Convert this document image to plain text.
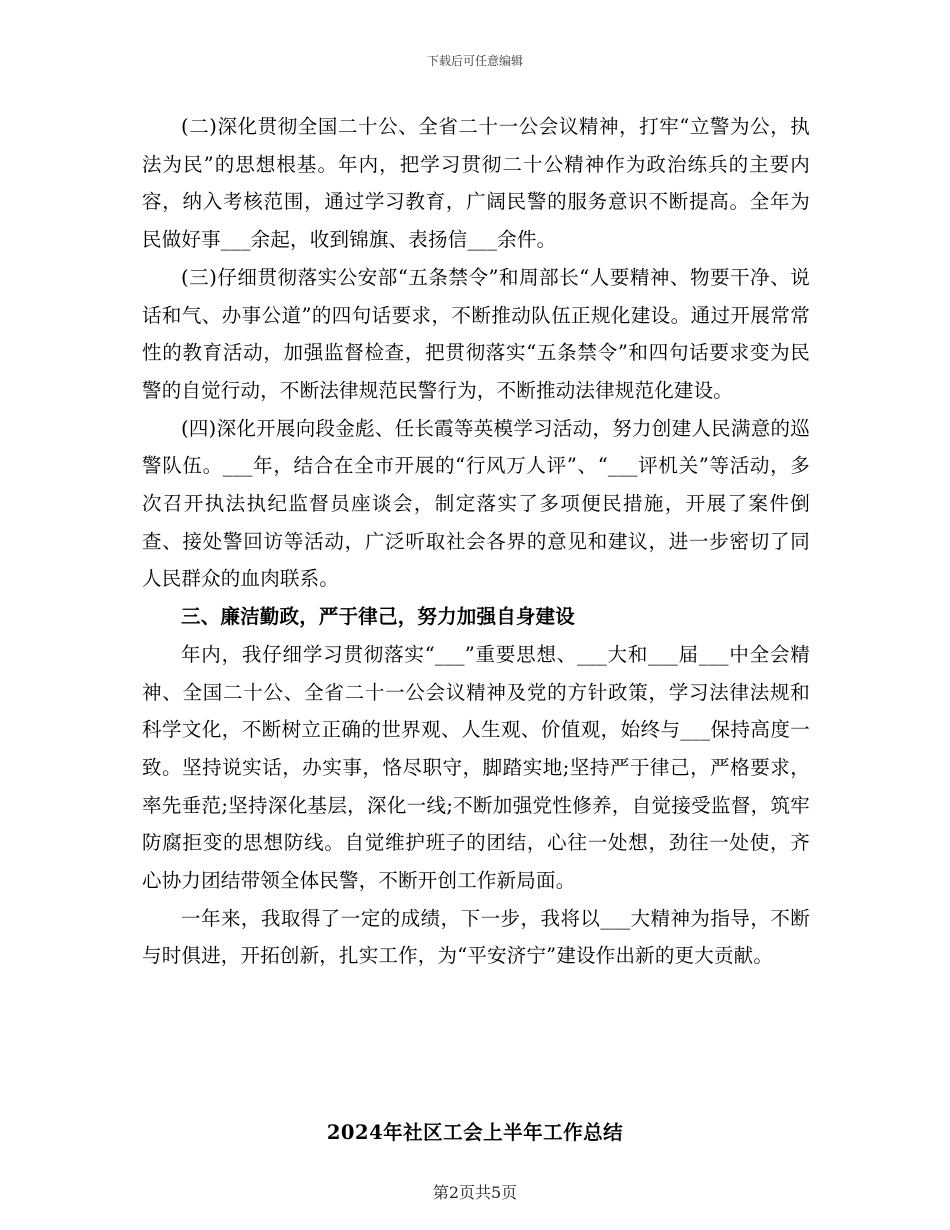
下载后可任意编辑

(二)深化贯彻全国二十公、全省二十一公会议精神，打牢“立警为公，执法为民”的思想根基。年内，把学习贯彻二十公精神作为政治练兵的主要内容，纳入考核范围，通过学习教育，广阔民警的服务意识不断提高。全年为民做好事___余起，收到锦旗、表扬信___余件。

(三)仔细贯彻落实公安部“五条禁令”和周部长“人要精神、物要干净、说话和气、办事公道”的四句话要求，不断推动队伍正规化建设。通过开展常常性的教育活动，加强监督检查，把贯彻落实“五条禁令”和四句话要求变为民警的自觉行动，不断法律规范民警行为，不断推动法律规范化建设。

(四)深化开展向段金彪、任长霞等英模学习活动，努力创建人民满意的巡警队伍。___年，结合在全市开展的“行风万人评”、“___评机关”等活动，多次召开执法执纪监督员座谈会，制定落实了多项便民措施，开展了案件倒查、接处警回访等活动，广泛听取社会各界的意见和建议，进一步密切了同人民群众的血肉联系。

三、廉洁勤政，严于律己，努力加强自身建设

年内，我仔细学习贯彻落实“___”重要思想、___大和___届___中全会精神、全国二十公、全省二十一公会议精神及党的方针政策，学习法律法规和科学文化，不断树立正确的世界观、人生观、价值观，始终与___保持高度一致。坚持说实话，办实事，恪尽职守，脚踏实地;坚持严于律己，严格要求，率先垂范;坚持深化基层，深化一线;不断加强党性修养，自觉接受监督，筑牢防腐拒变的思想防线。自觉维护班子的团结，心往一处想，劲往一处使，齐心协力团结带领全体民警，不断开创工作新局面。

一年来，我取得了一定的成绩，下一步，我将以___大精神为指导，不断与时俱进，开拓创新，扎实工作，为“平安济宁”建设作出新的更大贡献。

2024年社区工会上半年工作总结
第2页共5页
